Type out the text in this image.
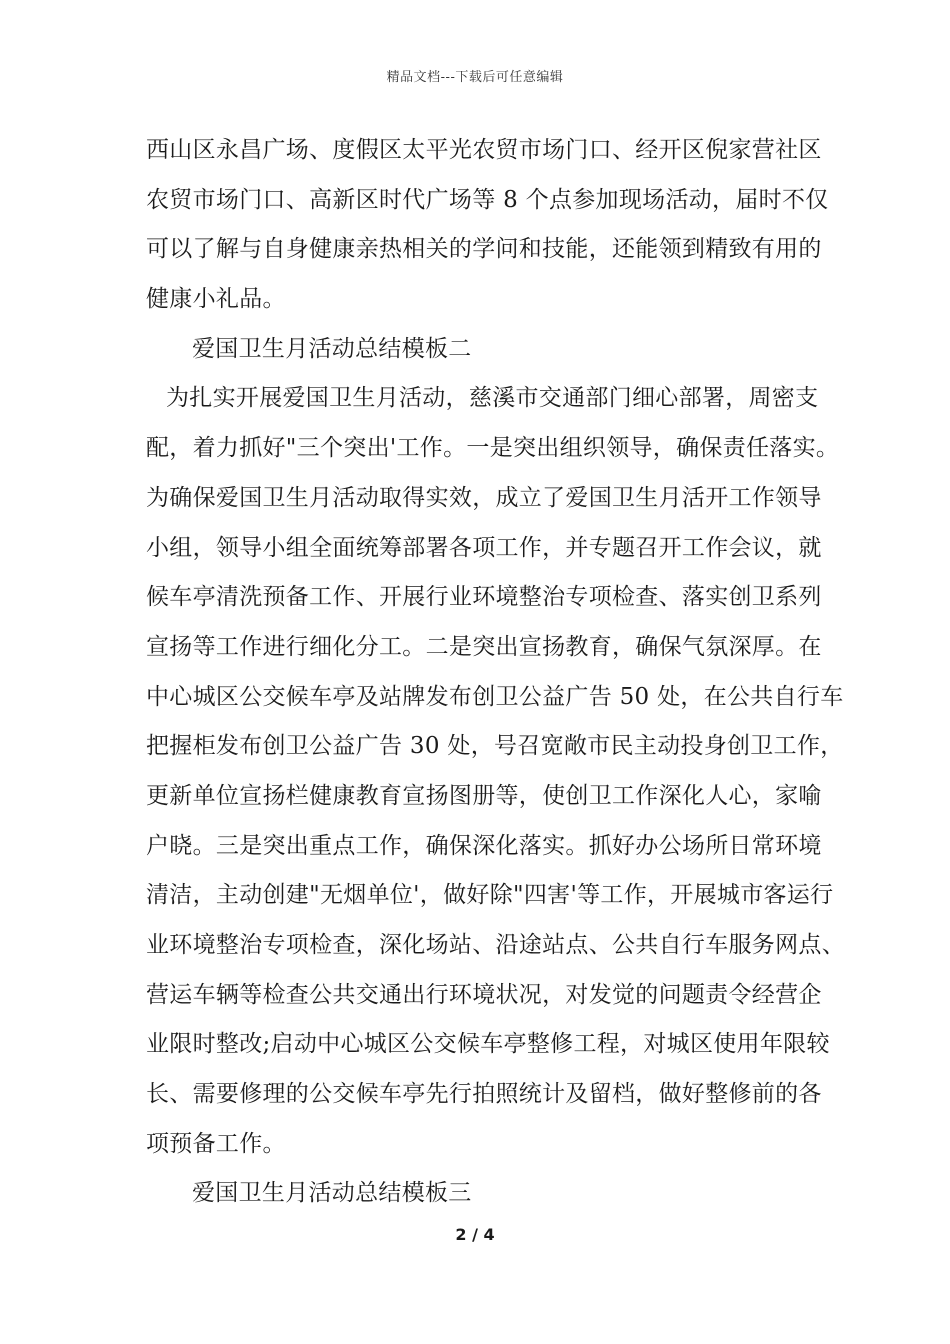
精品文档---下载后可任意编辑
西山区永昌广场、度假区太平光农贸市场门口、经开区倪家营社区
农贸市场门口、高新区时代广场等 8 个点参加现场活动，届时不仅
可以了解与自身健康亲热相关的学问和技能，还能领到精致有用的
健康小礼品。
爱国卫生月活动总结模板二
为扎实开展爱国卫生月活动，慈溪市交通部门细心部署，周密支
配，着力抓好"三个突出'工作。一是突出组织领导，确保责任落实。
为确保爱国卫生月活动取得实效，成立了爱国卫生月活开工作领导
小组，领导小组全面统筹部署各项工作，并专题召开工作会议，就
候车亭清洗预备工作、开展行业环境整治专项检查、落实创卫系列
宣扬等工作进行细化分工。二是突出宣扬教育，确保气氛深厚。在
中心城区公交候车亭及站牌发布创卫公益广告 50 处，在公共自行车
把握柜发布创卫公益广告 30 处，号召宽敞市民主动投身创卫工作，
更新单位宣扬栏健康教育宣扬图册等，使创卫工作深化人心，家喻
户晓。三是突出重点工作，确保深化落实。抓好办公场所日常环境
清洁，主动创建"无烟单位'，做好除"四害'等工作，开展城市客运行
业环境整治专项检查，深化场站、沿途站点、公共自行车服务网点、
营运车辆等检查公共交通出行环境状况，对发觉的问题责令经营企
业限时整改;启动中心城区公交候车亭整修工程，对城区使用年限较
长、需要修理的公交候车亭先行拍照统计及留档，做好整修前的各
项预备工作。
爱国卫生月活动总结模板三
2 / 4
